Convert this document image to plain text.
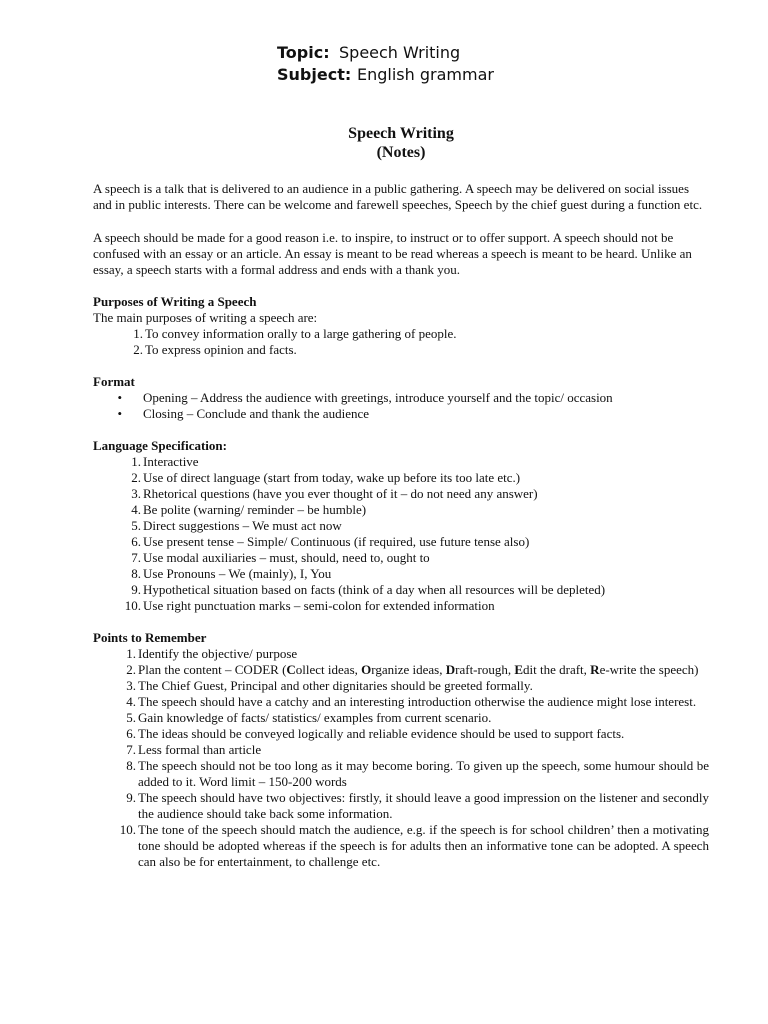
Topic: Speech Writing
Subject: English grammar
Speech Writing
(Notes)

A speech is a talk that is delivered to an audience in a public gathering. A speech may be delivered on social issues and in public interests. There can be welcome and farewell speeches, Speech by the chief guest during a function etc.

A speech should be made for a good reason i.e. to inspire, to instruct or to offer support. A speech should not be confused with an essay or an article. An essay is meant to be read whereas a speech is meant to be heard. Unlike an essay, a speech starts with a formal address and ends with a thank you.

Purposes of Writing a Speech

The main purposes of writing a speech are:

1. To convey information orally to a large gathering of people.
2. To express opinion and facts.

Format

•	Opening – Address the audience with greetings, introduce yourself and the topic/ occasion
•	Closing – Conclude and thank the audience

Language Specification:

1. Interactive
2. Use of direct language (start from today, wake up before its too late etc.)
3. Rhetorical questions (have you ever thought of it – do not need any answer)
4. Be polite (warning/ reminder – be humble)
5. Direct suggestions – We must act now
6. Use present tense – Simple/ Continuous (if required, use future tense also)
7. Use modal auxiliaries – must, should, need to, ought to
8. Use Pronouns – We (mainly), I, You
9. Hypothetical situation based on facts (think of a day when all resources will be depleted)
10. Use right punctuation marks – semi-colon for extended information

Points to Remember

1. Identify the objective/ purpose
2. Plan the content – CODER (Collect ideas, Organize ideas, Draft-rough, Edit the draft, Re-write the speech)
3. The Chief Guest, Principal and other dignitaries should be greeted formally.
4. The speech should have a catchy and an interesting introduction otherwise the audience might lose interest.
5. Gain knowledge of facts/ statistics/ examples from current scenario.
6. The ideas should be conveyed logically and reliable evidence should be used to support facts.
7. Less formal than article
8. The speech should not be too long as it may become boring. To given up the speech, some humour should be added to it. Word limit – 150-200 words
9. The speech should have two objectives: firstly, it should leave a good impression on the listener and secondly the audience should take back some information.
10. The tone of the speech should match the audience, e.g. if the speech is for school children’ then a motivating tone should be adopted whereas if the speech is for adults then an informative tone can be adopted. A speech can also be for entertainment, to challenge etc.
